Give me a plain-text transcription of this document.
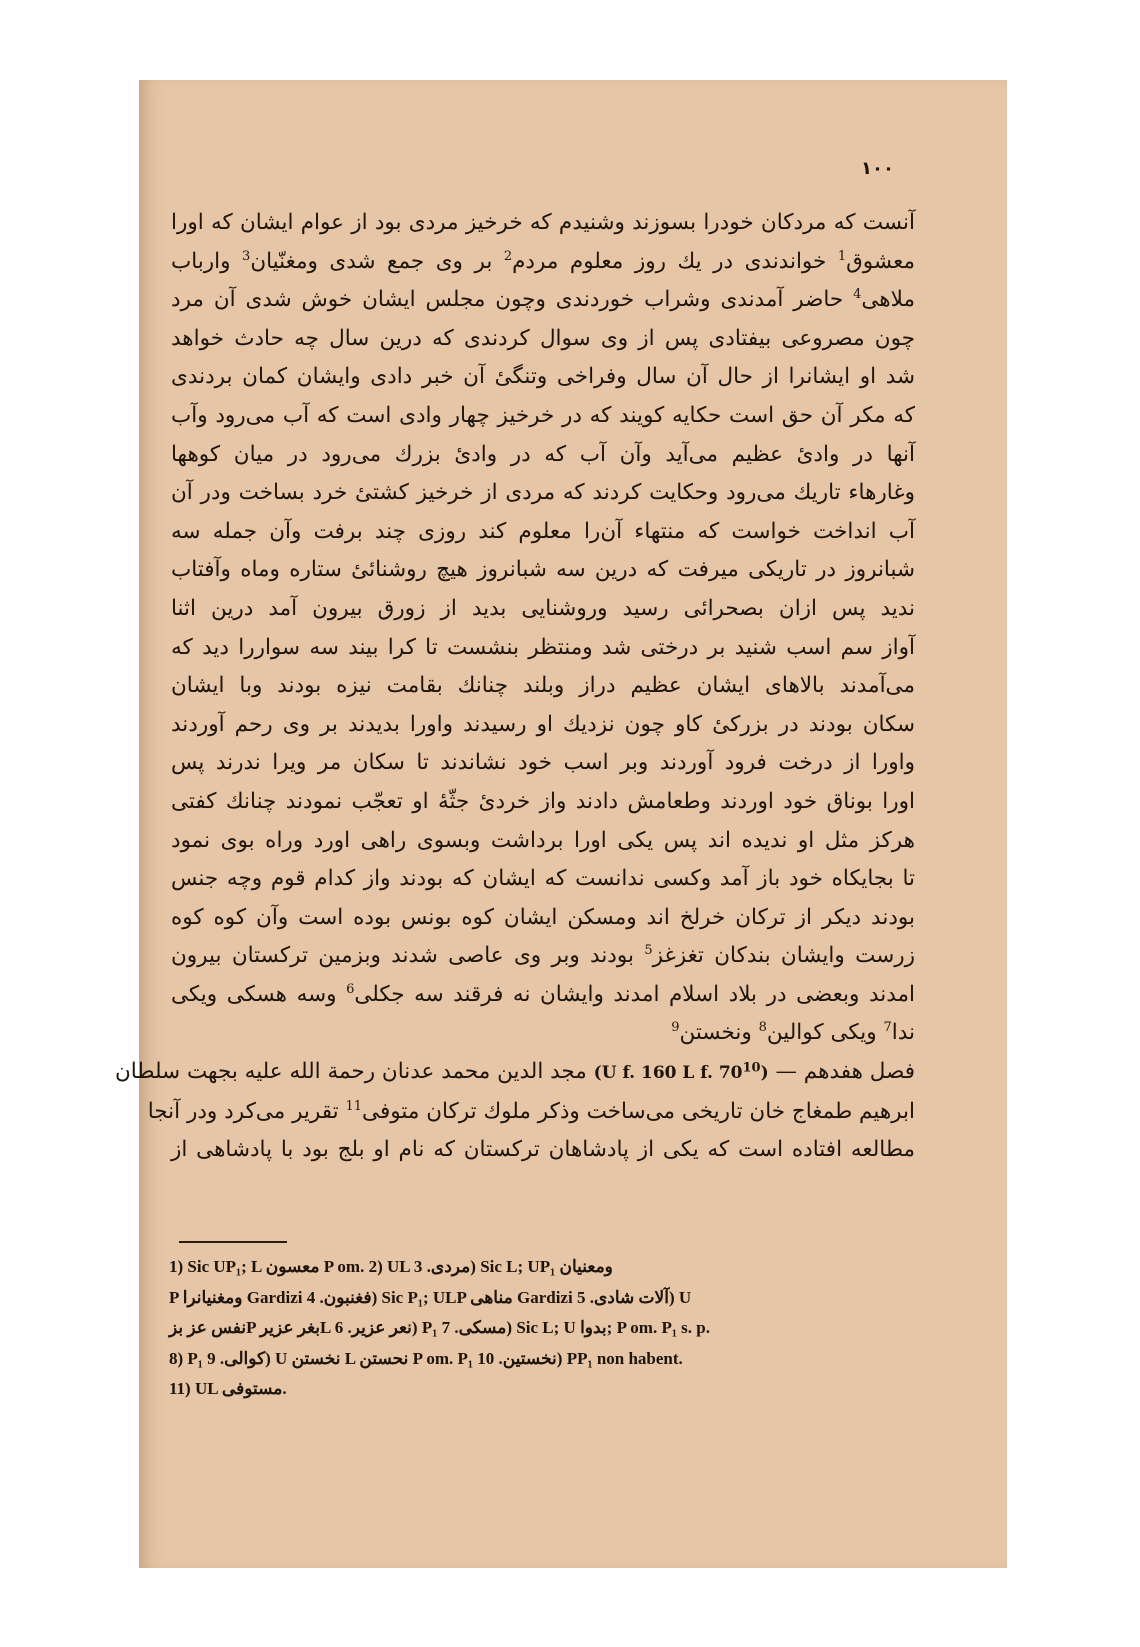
۱۰۰
آنست که مردکان خودرا بسوزند وشنیدم که خرخیز مردی بود از عوام ایشان که اورا
معشوق$^1$ خواندندی در یك روز معلوم مردم$^2$ بر وی جمع شدی ومغنّیان$^3$ وارباب
ملاهی$^4$ حاضر آمدندی وشراب خوردندی وچون مجلس ایشان خوش شدی آن مرد
چون مصروعی بیفتادی پس از وی سوال کردندی که درین سال چه حادث خواهد
شد او ایشانرا از حال آن سال وفراخی وتنگیٔ آن خبر دادی وایشان کمان بردندی
که مکر آن حق است حکایه کویند که در خرخیز چهار وادی است که آب می‌رود وآب
آنها در وادیٔ عظیم می‌آید وآن آب که در وادیٔ بزرك می‌رود در میان کوهها
وغارهاء تاریك می‌رود وحکایت کردند که مردی از خرخیز کشتیٔ خرد بساخت ودر آن
آب انداخت خواست که منتهاء آن‌را معلوم کند روزی چند برفت وآن جمله سه
شبانروز در تاریکی میرفت که درین سه شبانروز هیچ روشنائیٔ ستاره وماه وآفتاب
ندید پس ازان بصحرائی رسید وروشنایی بدید از زورق بیرون آمد درین اثنا
آواز سم اسب شنید بر درختی شد ومنتظر بنشست تا کرا بیند سه سواررا دید که
می‌آمدند بالاهای ایشان عظیم دراز وبلند چنانك بقامت نیزه بودند وبا ایشان
سکان بودند در بزرکیٔ کاو چون نزدیك او رسیدند واورا بدیدند بر وی رحم آوردند
واورا از درخت فرود آوردند وبر اسب خود نشاندند تا سکان مر ویرا ندرند پس
اورا بوناق خود اوردند وطعامش دادند واز خردیٔ جثّهٔ او تعجّب نمودند چنانك کفتی
هرکز مثل او ندیده اند پس یکی اورا برداشت وبسوی راهی اورد وراه بوی نمود
تا بجایکاه خود باز آمد وکسی ندانست که ایشان که بودند واز کدام قوم وچه جنس
بودند دیکر از ترکان خرلخ اند ومسکن ایشان کوه بونس بوده است وآن کوه کوه
زرست وایشان بندکان تغزغز$^5$ بودند وبر وی عاصی شدند وبزمین ترکستان بیرون
امدند وبعضی در بلاد اسلام امدند وایشان نه فرقند سه جکلی$^6$ وسه هسکی ویکی
ندا$^7$ ویکی کوالین$^8$ ونخستن$^9$
فصل هفدهم — (U f. 160 L f. 70$^{10}$) مجد الدین محمد عدنان رحمة الله علیه بجهت سلطان
ابرهیم طمغاج خان تاریخی می‌ساخت وذکر ملوك ترکان متوفی$^{11}$ تقریر می‌کرد ودر آنجا
مطالعه افتاده است که یکی از پادشاهان ترکستان که نام او بلج بود با پادشاهی از
1) Sic UP₁; L معسون P om. 2) UL مردی. 3) Sic L; UP₁ ومعنیان
P ومغنیانرا Gardizi فغنبون. 4) Sic P₁; ULP مناهی Gardizi آلات شادی. 5) U
نفس عز بزP بغر عزیرL نعر عزیر. 6) P₁ مسکی. 7) Sic L; U بدوا; P om. P₁ s. p.
8) P₁ کوالی. 9) U نخستن L نحستن P om. P₁ نخستین. 10) PP₁ non habent.
11) UL مستوفی.
